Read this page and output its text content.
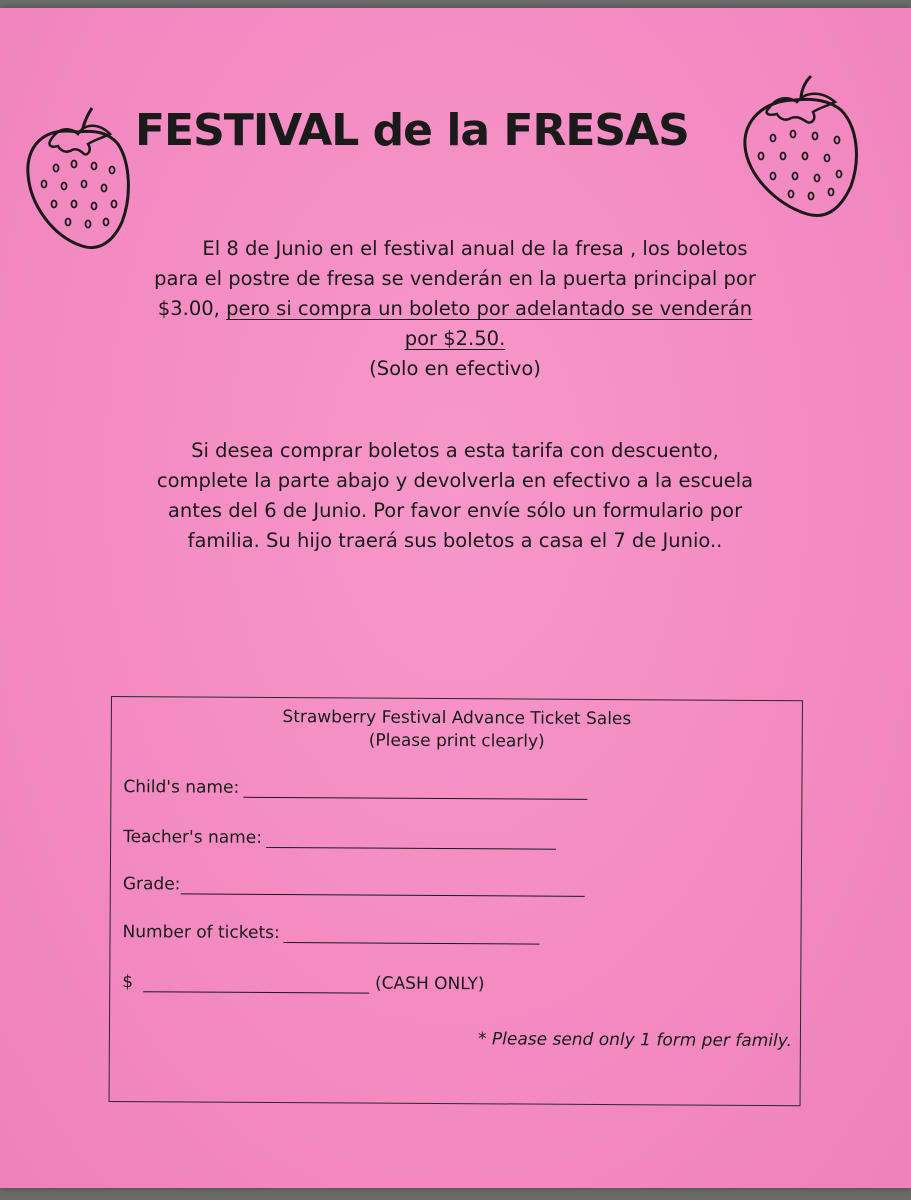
FESTIVAL de la FRESAS
El 8 de Junio en el festival anual de la fresa , los boletos
para el postre de fresa se venderán en la puerta principal por
$3.00, pero si compra un boleto por adelantado se venderán
por $2.50.
(Solo en efectivo)
Si desea comprar boletos a esta tarifa con descuento,
complete la parte abajo y devolverla en efectivo a la escuela
antes del 6 de Junio. Por favor envíe sólo un formulario por
familia. Su hijo traerá sus boletos a casa el 7 de Junio..
Strawberry Festival Advance Ticket Sales
(Please print clearly)
Child's name:
Teacher's name:
Grade:
Number of tickets:
$	(CASH ONLY)
* Please send only 1 form per family.
